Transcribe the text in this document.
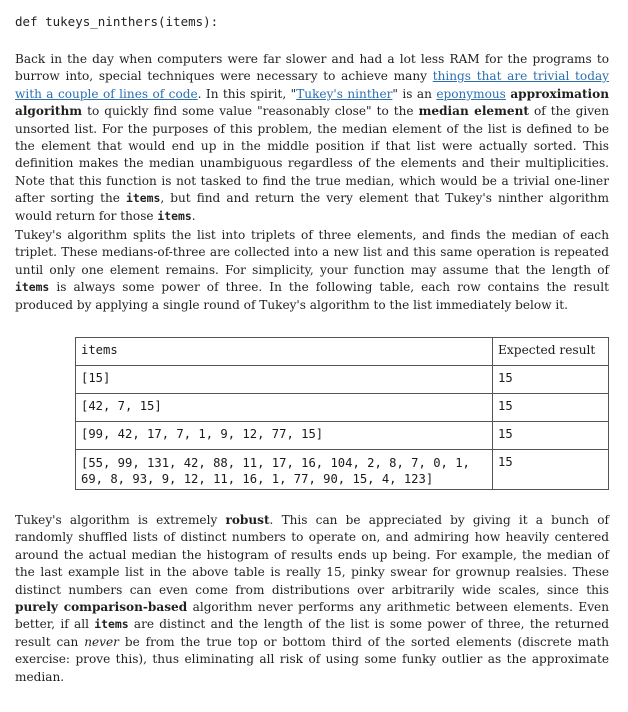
def tukeys_ninthers(items):
Back in the day when computers were far slower and had a lot less RAM for the programs to burrow into, special techniques were necessary to achieve many things that are trivial today with a couple of lines of code. In this spirit, "Tukey's ninther" is an eponymous approximation algorithm to quickly find some value "reasonably close" to the median element of the given unsorted list. For the purposes of this problem, the median element of the list is defined to be the element that would end up in the middle position if that list were actually sorted. This definition makes the median unambiguous regardless of the elements and their multiplicities. Note that this function is not tasked to find the true median, which would be a trivial one-liner after sorting the items, but find and return the very element that Tukey's ninther algorithm would return for those items.
Tukey's algorithm splits the list into triplets of three elements, and finds the median of each triplet. These medians-of-three are collected into a new list and this same operation is repeated until only one element remains. For simplicity, your function may assume that the length of items is always some power of three. In the following table, each row contains the result produced by applying a single round of Tukey's algorithm to the list immediately below it.
items	Expected result
[15]	15
[42, 7, 15]	15
[99, 42, 17, 7, 1, 9, 12, 77, 15]	15

[55, 99, 131, 42, 88, 11, 17, 16, 104, 2, 8, 7, 0, 1, 69, 8, 93, 9, 12, 11, 16, 1, 77, 90, 15, 4, 123]	15
Tukey's algorithm is extremely robust. This can be appreciated by giving it a bunch of randomly shuffled lists of distinct numbers to operate on, and admiring how heavily centered around the actual median the histogram of results ends up being. For example, the median of the last example list in the above table is really 15, pinky swear for grownup realsies. These distinct numbers can even come from distributions over arbitrarily wide scales, since this purely comparison-based algorithm never performs any arithmetic between elements. Even better, if all items are distinct and the length of the list is some power of three, the returned result can never be from the true top or bottom third of the sorted elements (discrete math exercise: prove this), thus eliminating all risk of using some funky outlier as the approximate median.
